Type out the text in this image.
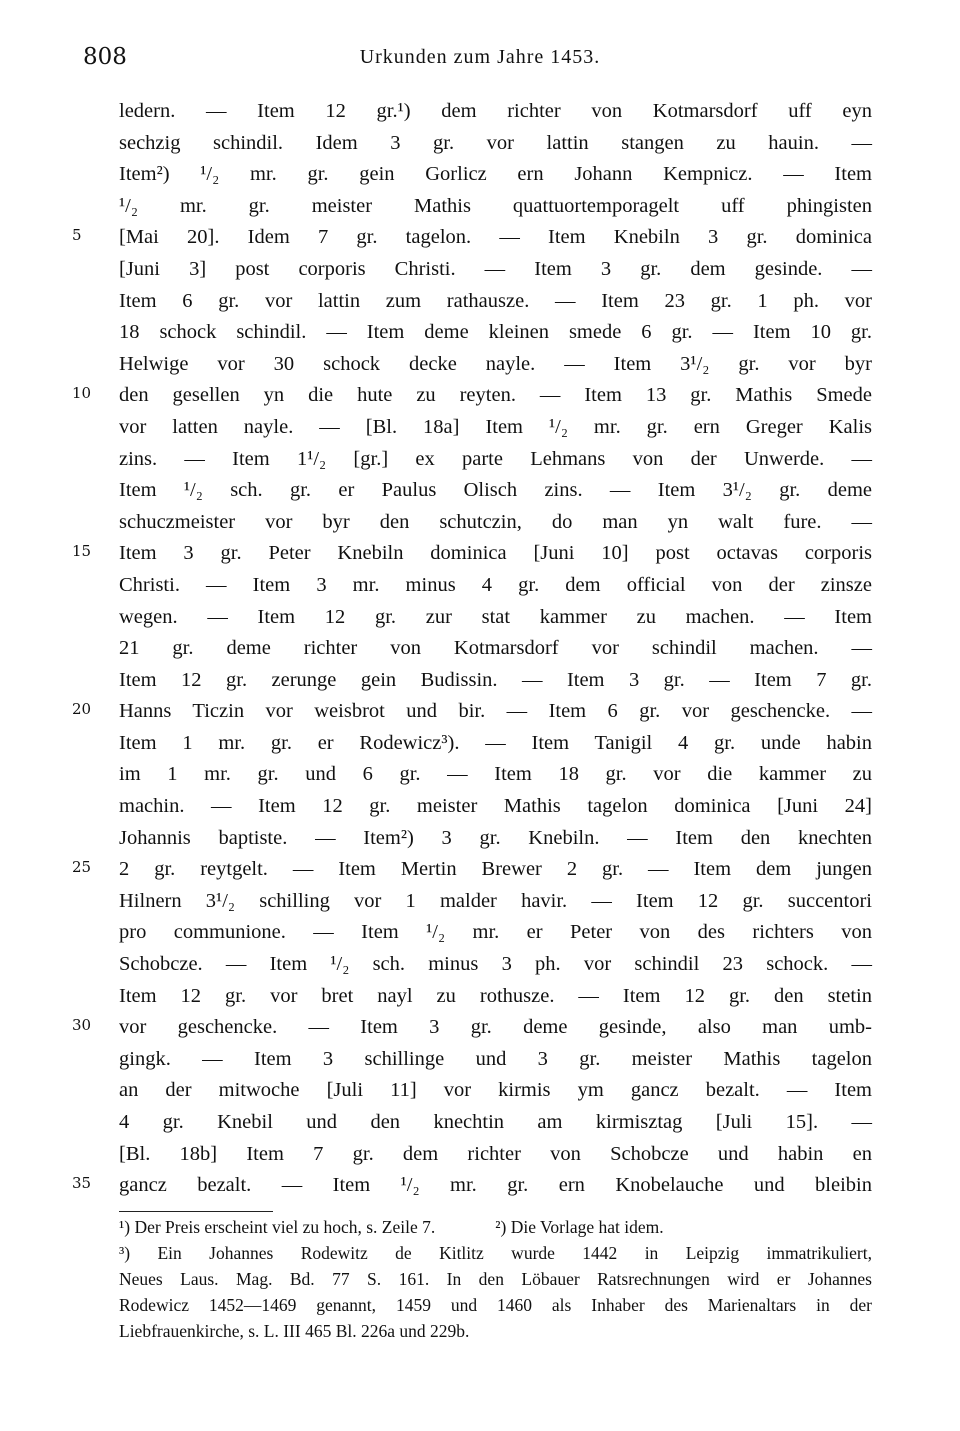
808	Urkunden zum Jahre 1453.
ledern. — Item 12 gr.¹) dem richter von Kotmarsdorf uff eyn
sechzig schindil. Idem 3 gr. vor lattin stangen zu hauin. —
Item²) ¹/₂ mr. gr. gein Gorlicz ern Johann Kempnicz. — Item
¹/₂ mr. gr. meister Mathis quattuortemporagelt uff phingisten
5	[Mai 20]. Idem 7 gr. tagelon. — Item Knebiln 3 gr. dominica
[Juni 3] post corporis Christi. — Item 3 gr. dem gesinde. —
Item 6 gr. vor lattin zum rathausze. — Item 23 gr. 1 ph. vor
18 schock schindil. — Item deme kleinen smede 6 gr. — Item 10 gr.
Helwige vor 30 schock decke nayle. — Item 3¹/₂ gr. vor byr
10	den gesellen yn die hute zu reyten. — Item 13 gr. Mathis Smede
vor latten nayle. — [Bl. 18a] Item ¹/₂ mr. gr. ern Greger Kalis
zins. — Item 1¹/₂ [gr.] ex parte Lehmans von der Unwerde. —
Item ¹/₂ sch. gr. er Paulus Olisch zins. — Item 3¹/₂ gr. deme
schuczmeister vor byr den schutczin, do man yn walt fure. —
15	Item 3 gr. Peter Knebiln dominica [Juni 10] post octavas corporis
Christi. — Item 3 mr. minus 4 gr. dem official von der zinsze
wegen. — Item 12 gr. zur stat kammer zu machen. — Item
21 gr. deme richter von Kotmarsdorf vor schindil machen. —
Item 12 gr. zerunge gein Budissin. — Item 3 gr. — Item 7 gr.
20	Hanns Ticzin vor weisbrot und bir. — Item 6 gr. vor geschencke. —
Item 1 mr. gr. er Rodewicz³). — Item Tanigil 4 gr. unde habin
im 1 mr. gr. und 6 gr. — Item 18 gr. vor die kammer zu
machin. — Item 12 gr. meister Mathis tagelon dominica [Juni 24]
Johannis baptiste. — Item²) 3 gr. Knebiln. — Item den knechten
25	2 gr. reytgelt. — Item Mertin Brewer 2 gr. — Item dem jungen
Hilnern 3¹/₂ schilling vor 1 malder havir. — Item 12 gr. succentori
pro communione. — Item ¹/₂ mr. er Peter von des richters von
Schobcze. — Item ¹/₂ sch. minus 3 ph. vor schindil 23 schock. —
Item 12 gr. vor bret nayl zu rothusze. — Item 12 gr. den stetin
30	vor geschencke. — Item 3 gr. deme gesinde, also man umb-
gingk. — Item 3 schillinge und 3 gr. meister Mathis tagelon
an der mitwoche [Juli 11] vor kirmis ym gancz bezalt. — Item
4 gr. Knebil und den knechtin am kirmisztag [Juli 15]. —
[Bl. 18b] Item 7 gr. dem richter von Schobcze und habin en
35	gancz bezalt. — Item ¹/₂ mr. gr. ern Knobelauche und bleibin
¹) Der Preis erscheint viel zu hoch, s. Zeile 7.	²) Die Vorlage hat idem.
³) Ein Johannes Rodewitz de Kitlitz wurde 1442 in Leipzig immatrikuliert,
Neues Laus. Mag. Bd. 77 S. 161. In den Löbauer Ratsrechnungen wird er Johannes
Rodewicz 1452—1469 genannt, 1459 und 1460 als Inhaber des Marienaltars in der
Liebfrauenkirche, s. L. III 465 Bl. 226a und 229b.
